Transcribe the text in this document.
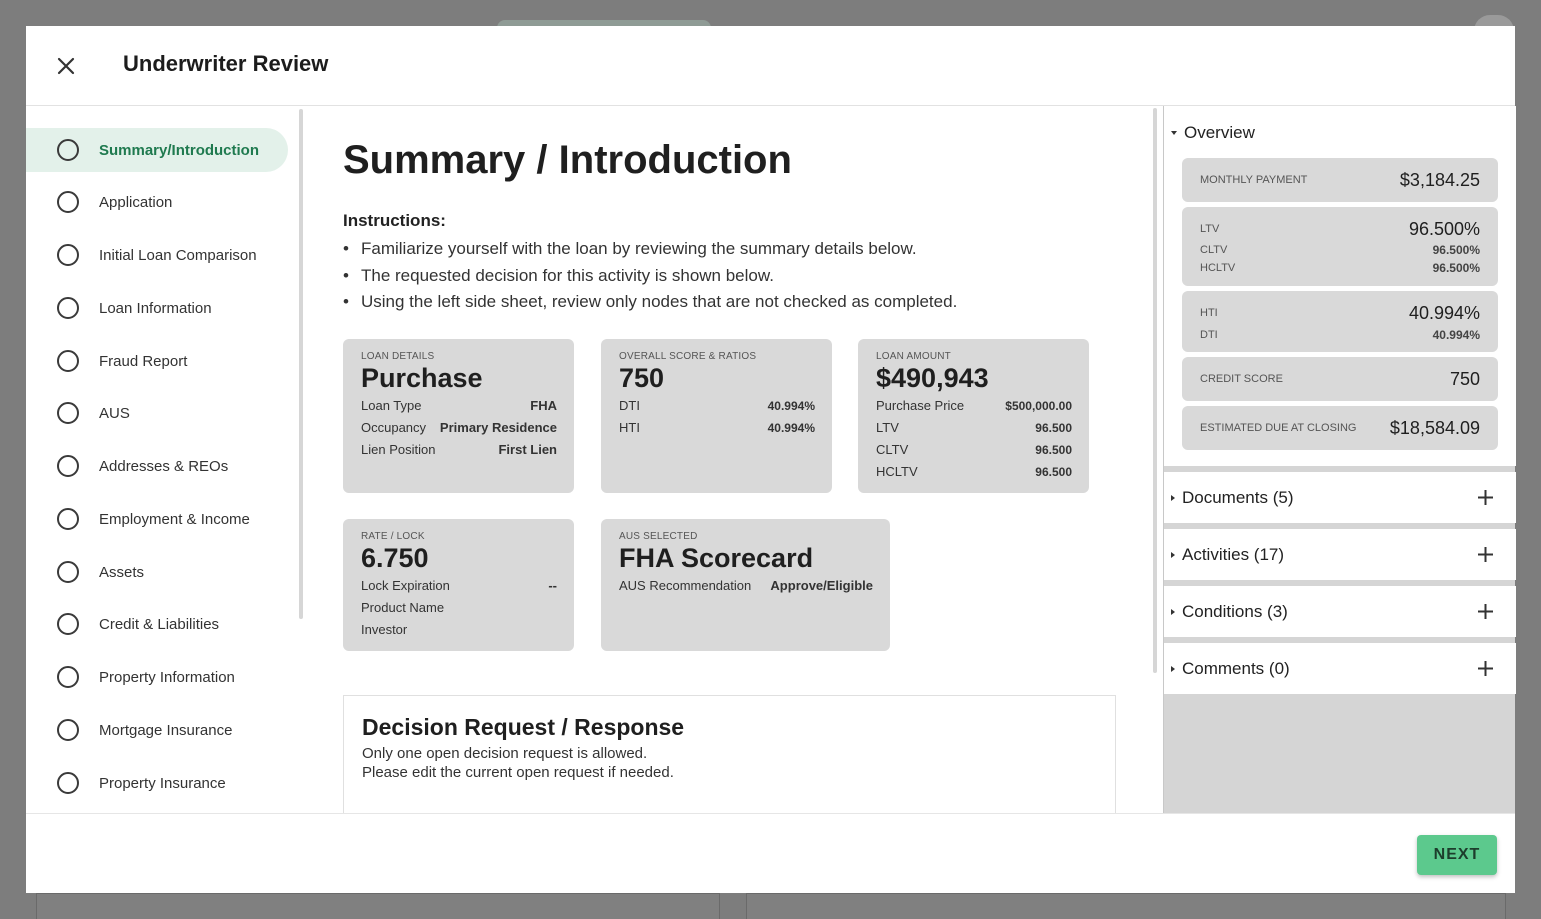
Underwriter Review
Summary/Introduction
Application
Initial Loan Comparison
Loan Information
Fraud Report
AUS
Addresses & REOs
Employment & Income
Assets
Credit & Liabilities
Property Information
Mortgage Insurance
Property Insurance
Summary / Introduction
Instructions:
• Familiarize yourself with the loan by reviewing the summary details below.
• The requested decision for this activity is shown below.
• Using the left side sheet, review only nodes that are not checked as completed.
LOAN DETAILS
Purchase
Loan Type	FHA
Occupancy Primary Residence
Lien Position	First Lien
OVERALL SCORE & RATIOS
750
DTI	40.994%
HTI	40.994%
LOAN AMOUNT
$490,943
Purchase Price	$500,000.00
LTV	96.500
CLTV	96.500
HCLTV	96.500
RATE / LOCK
6.750
Lock Expiration	--
Product Name
Investor
AUS SELECTED
FHA Scorecard
AUS Recommendation Approve/Eligible
Decision Request / Response
Only one open decision request is allowed.
Please edit the current open request if needed.
Overview
MONTHLY PAYMENT	$3,184.25
LTV	96.500%
CLTV	96.500%
HCLTV	96.500%
HTI	40.994%
DTI	40.994%
CREDIT SCORE	750
ESTIMATED DUE AT CLOSING $18,584.09
Documents (5)
Activities (17)
Conditions (3)
Comments (0)
NEXT
